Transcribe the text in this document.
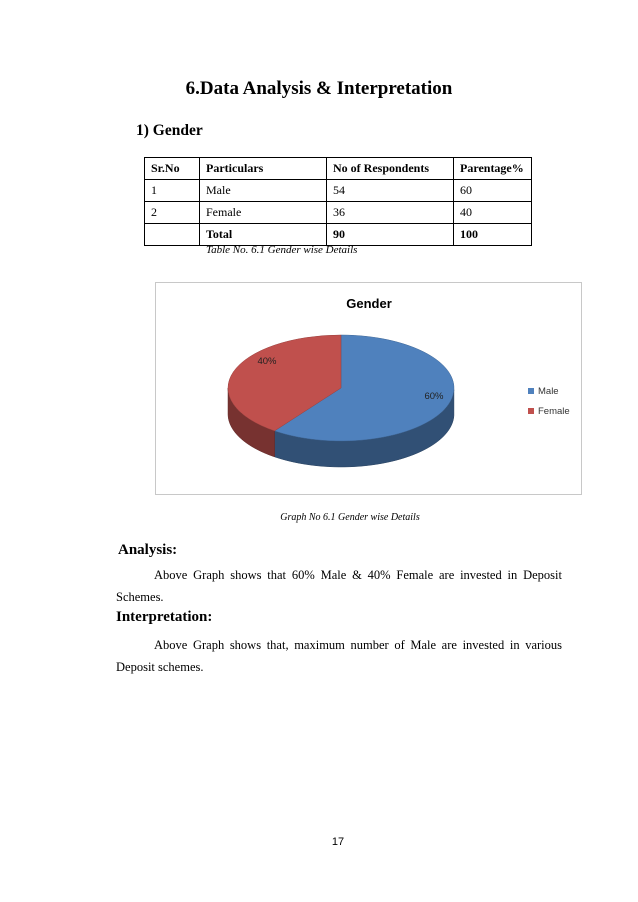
6.Data Analysis & Interpretation
1) Gender
Sr.No	Particulars	No of Respondents	Parentage%
1	Male	54	60
2	Female	36	40
	Total	90	100
Table No. 6.1 Gender wise Details
Gender
60%
40%
Male
Female
Graph No 6.1 Gender wise Details
Analysis:
Above Graph shows that 60% Male & 40% Female are invested in Deposit Schemes.
Interpretation:
Above Graph shows that, maximum number of Male are invested in various Deposit schemes.
17
